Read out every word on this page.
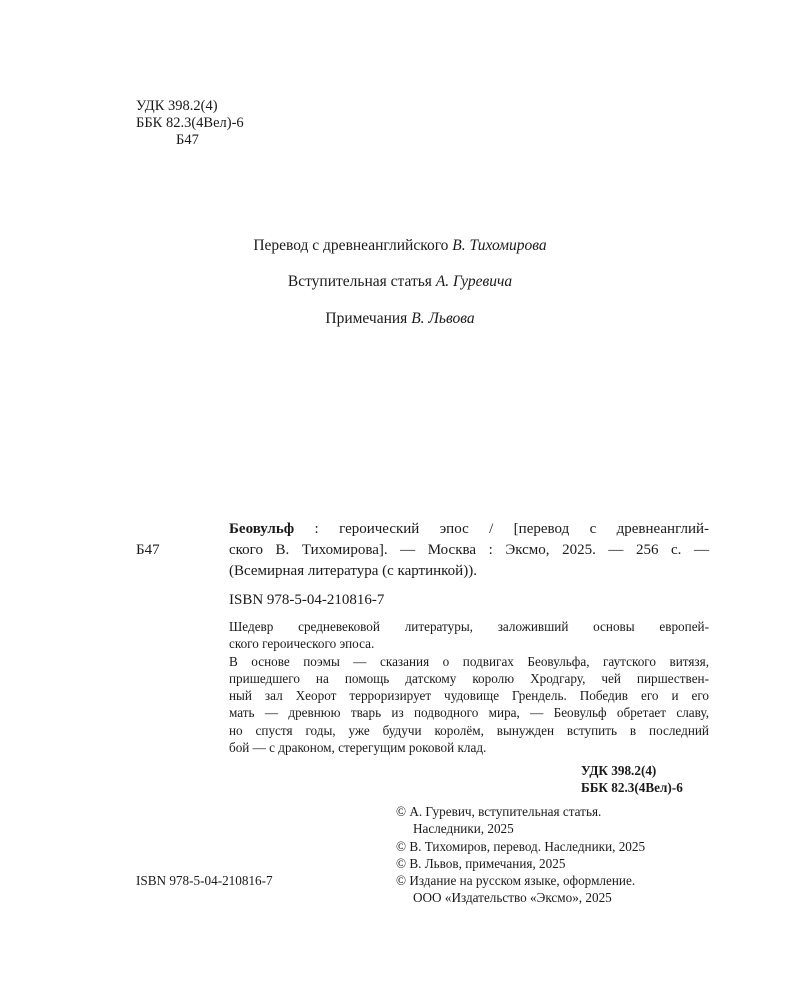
УДК 398.2(4)
ББК 82.3(4Вел)-6
Б47
Перевод с древнеанглийского В. Тихомирова
Вступительная статья А. Гуревича
Примечания В. Львова
Беовульф : героический эпос / [перевод с древнеанглий-
ского В. Тихомирова]. — Москва : Эксмо, 2025. — 256 с. —
(Всемирная литература (с картинкой)).
Б47
ISBN 978-5-04-210816-7
Шедевр средневековой литературы, заложивший основы европей-
ского героического эпоса.
В основе поэмы — сказания о подвигах Беовульфа, гаутского витязя,
пришедшего на помощь датскому королю Хродгару, чей пиршествен-
ный зал Хеорот терроризирует чудовище Грендель. Победив его и его
мать — древнюю тварь из подводного мира, — Беовульф обретает славу,
но спустя годы, уже будучи королём, вынужден вступить в последний
бой — с драконом, стерегущим роковой клад.
УДК 398.2(4)
ББК 82.3(4Вел)-6
© А. Гуревич, вступительная статья.
Наследники, 2025
© В. Тихомиров, перевод. Наследники, 2025
© В. Львов, примечания, 2025
© Издание на русском языке, оформление.
ООО «Издательство «Эксмо», 2025
ISBN 978-5-04-210816-7
